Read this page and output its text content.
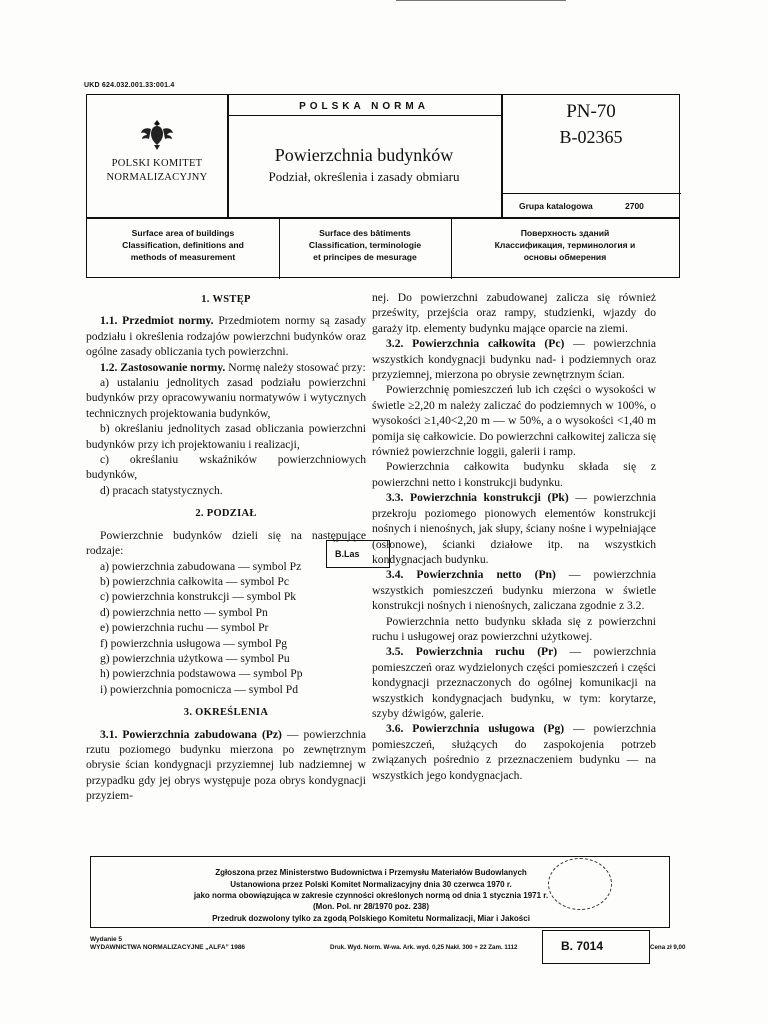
UKD 624.032.001.33:001.4
POLSKI KOMITET
NORMALIZACYJNY
POLSKA NORMA
Powierzchnia budynków
Podział, określenia i zasady obmiaru
PN-70
B-02365
Grupa katalogowa	2700
Surface area of buildings
Classification, definitions and
methods of measurement
Surface des bâtiments
Classification, terminologie
et principes de mesurage
Поверхность зданий
Классификация, терминология и
основы обмерения

1. WSTĘP

1.1. Przedmiot normy. Przedmiotem normy są zasady podziału i określenia rodzajów powierzchni budynków oraz ogólne zasady obliczania tych powierzchni.

1.2. Zastosowanie normy. Normę należy stosować przy:

a) ustalaniu jednolitych zasad podziału powierzchni budynków przy opracowywaniu normatywów i wytycznych technicznych projektowania budynków,

b) określaniu jednolitych zasad obliczania powierzchni budynków przy ich projektowaniu i realizacji,

c) określaniu wskaźników powierzchniowych budynków,

d) pracach statystycznych.

2. PODZIAŁ

Powierzchnie budynków dzieli się na następujące rodzaje:

a) powierzchnia zabudowana — symbol Pz

b) powierzchnia całkowita — symbol Pc

c) powierzchnia konstrukcji — symbol Pk

d) powierzchnia netto — symbol Pn

e) powierzchnia ruchu — symbol Pr

f) powierzchnia usługowa — symbol Pg

g) powierzchnia użytkowa — symbol Pu

h) powierzchnia podstawowa — symbol Pp

i) powierzchnia pomocnicza — symbol Pd

3. OKREŚLENIA

3.1. Powierzchnia zabudowana (Pz) — powierzchnia rzutu poziomego budynku mierzona po zewnętrznym obrysie ścian kondygnacji przyziemnej lub nadziemnej w przypadku gdy jej obrys występuje poza obrys kondygnacji przyziem-

nej. Do powierzchni zabudowanej zalicza się również prześwity, przejścia oraz rampy, studzienki, wjazdy do garaży itp. elementy budynku mające oparcie na ziemi.

3.2. Powierzchnia całkowita (Pc) — powierzchnia wszystkich kondygnacji budynku nad- i podziemnych oraz przyziemnej, mierzona po obrysie zewnętrznym ścian.

Powierzchnię pomieszczeń lub ich części o wysokości w świetle ≥2,20 m należy zaliczać do podziemnych w 100%, o wysokości ≥1,40<2,20 m — w 50%, a o wysokości <1,40 m pomija się całkowicie. Do powierzchni całkowitej zalicza się również powierzchnie loggii, galerii i ramp.

Powierzchnia całkowita budynku składa się z powierzchni netto i konstrukcji budynku.

3.3. Powierzchnia konstrukcji (Pk) — powierzchnia przekroju poziomego pionowych elementów konstrukcji nośnych i nienośnych, jak słupy, ściany nośne i wypełniające (osłonowe), ścianki działowe itp. na wszystkich kondygnacjach budynku.

3.4. Powierzchnia netto (Pn) — powierzchnia wszystkich pomieszczeń budynku mierzona w świetle konstrukcji nośnych i nienośnych, zaliczana zgodnie z 3.2.

Powierzchnia netto budynku składa się z powierzchni ruchu i usługowej oraz powierzchni użytkowej.

3.5. Powierzchnia ruchu (Pr) — powierzchnia pomieszczeń oraz wydzielonych części pomieszczeń i części kondygnacji przeznaczonych do ogólnej komunikacji na wszystkich kondygnacjach budynku, w tym: korytarze, szyby dźwigów, galerie.

3.6. Powierzchnia usługowa (Pg) — powierzchnia pomieszczeń, służących do zaspokojenia potrzeb związanych pośrednio z przeznaczeniem budynku — na wszystkich jego kondygnacjach.

B.Las
Zgłoszona przez Ministerstwo Budownictwa i Przemysłu Materiałów Budowlanych
Ustanowiona przez Polski Komitet Normalizacyjny dnia 30 czerwca 1970 r.
jako norma obowiązująca w zakresie czynności określonych normą od dnia 1 stycznia 1971 r.
(Mon. Pol. nr 28/1970 poz. 238)
Przedruk dozwolony tylko za zgodą Polskiego Komitetu Normalizacji, Miar i Jakości
Wydanie 5
WYDAWNICTWA NORMALIZACYJNE „ALFA” 1986	Druk. Wyd. Norm. W-wa. Ark. wyd. 0,25 Nakł. 300 + 22 Zam. 1112	B. 7014	Cena zł 9,00
